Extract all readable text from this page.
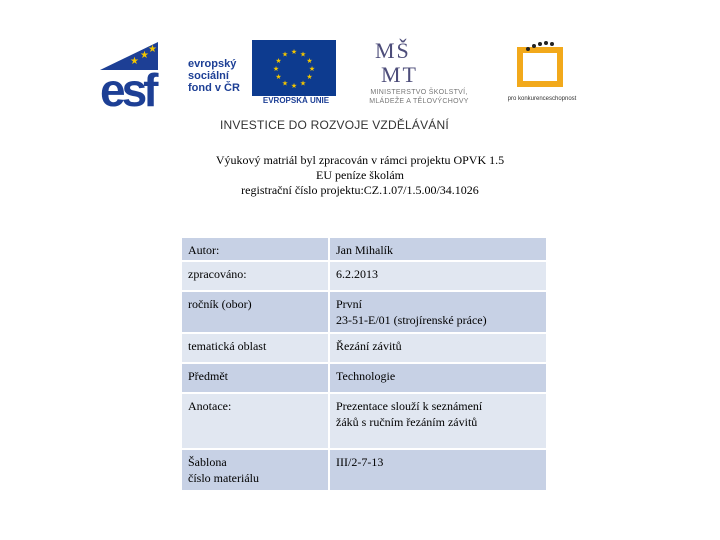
★
★
★
esf	evropský
sociální
fond v ČR
★ ★
★
★
★
★
★
★
★
★
★
★
EVROPSKÁ UNIE
MŠ
MT
MINISTERSTVO ŠKOLSTVÍ,
MLÁDEŽE A TĚLOVÝCHOVY	pro konkurenceschopnost
INVESTICE DO ROZVOJE VZDĚLÁVÁNÍ
Výukový matriál byl zpracován v rámci projektu OPVK 1.5
EU peníze školám
registrační číslo projektu:CZ.1.07/1.5.00/34.1026
Autor:	Jan Mihalík

zpracováno:	6.2.2013

ročník (obor)	První
23-51-E/01 (strojírenské práce)

tematická oblast	Řezání závitů

Předmět	Technologie

Anotace:	Prezentace slouží k seznámení
žáků s ručním řezáním závitů

Šablona
číslo materiálu	III/2-7-13
